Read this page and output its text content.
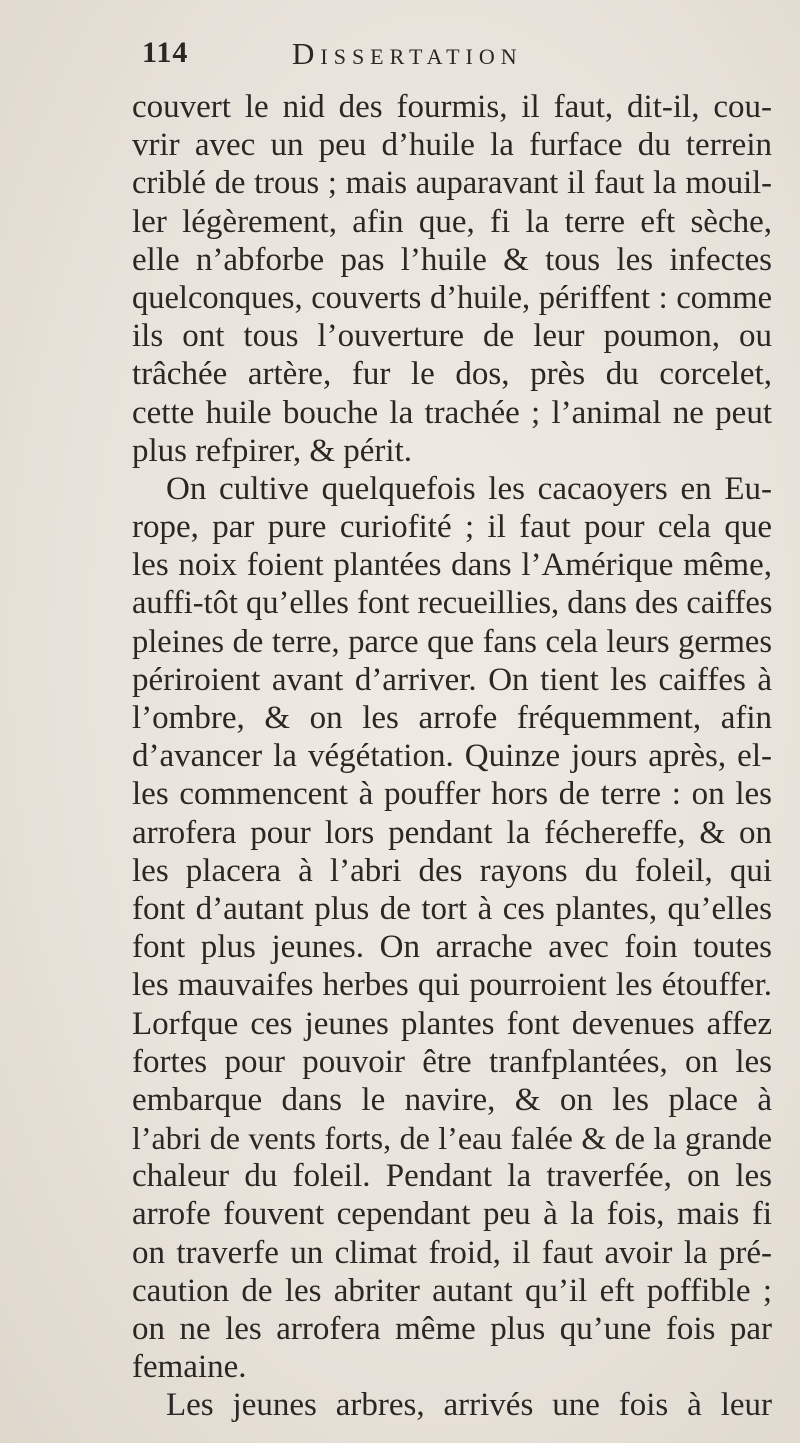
114	Dissertation
couvert le nid des fourmis, il faut, dit-il, cou-
vrir avec un peu d’huile la furface du terrein
criblé de trous ; mais auparavant il faut la mouil-
ler légèrement, afin que, fi la terre eft sèche,
elle n’abforbe pas l’huile & tous les infectes
quelconques, couverts d’huile, périffent : comme
ils ont tous l’ouverture de leur poumon, ou
trâchée artère, fur le dos, près du corcelet,
cette huile bouche la trachée ; l’animal ne peut
plus refpirer, & périt.
On cultive quelquefois les cacaoyers en Eu-
rope, par pure curiofité ; il faut pour cela que
les noix foient plantées dans l’Amérique même,
auffi-tôt qu’elles font recueillies, dans des caiffes
pleines de terre, parce que fans cela leurs germes
périroient avant d’arriver. On tient les caiffes à
l’ombre, & on les arrofe fréquemment, afin
d’avancer la végétation. Quinze jours après, el-
les commencent à pouffer hors de terre : on les
arrofera pour lors pendant la féchereffe, & on
les placera à l’abri des rayons du foleil, qui
font d’autant plus de tort à ces plantes, qu’elles
font plus jeunes. On arrache avec foin toutes
les mauvaifes herbes qui pourroient les étouffer.
Lorfque ces jeunes plantes font devenues affez
fortes pour pouvoir être tranfplantées, on les
embarque dans le navire, & on les place à
l’abri de vents forts, de l’eau falée & de la grande
chaleur du foleil. Pendant la traverfée, on les
arrofe fouvent cependant peu à la fois, mais fi
on traverfe un climat froid, il faut avoir la pré-
caution de les abriter autant qu’il eft poffible ;
on ne les arrofera même plus qu’une fois par
femaine.
Les jeunes arbres, arrivés une fois à leur
